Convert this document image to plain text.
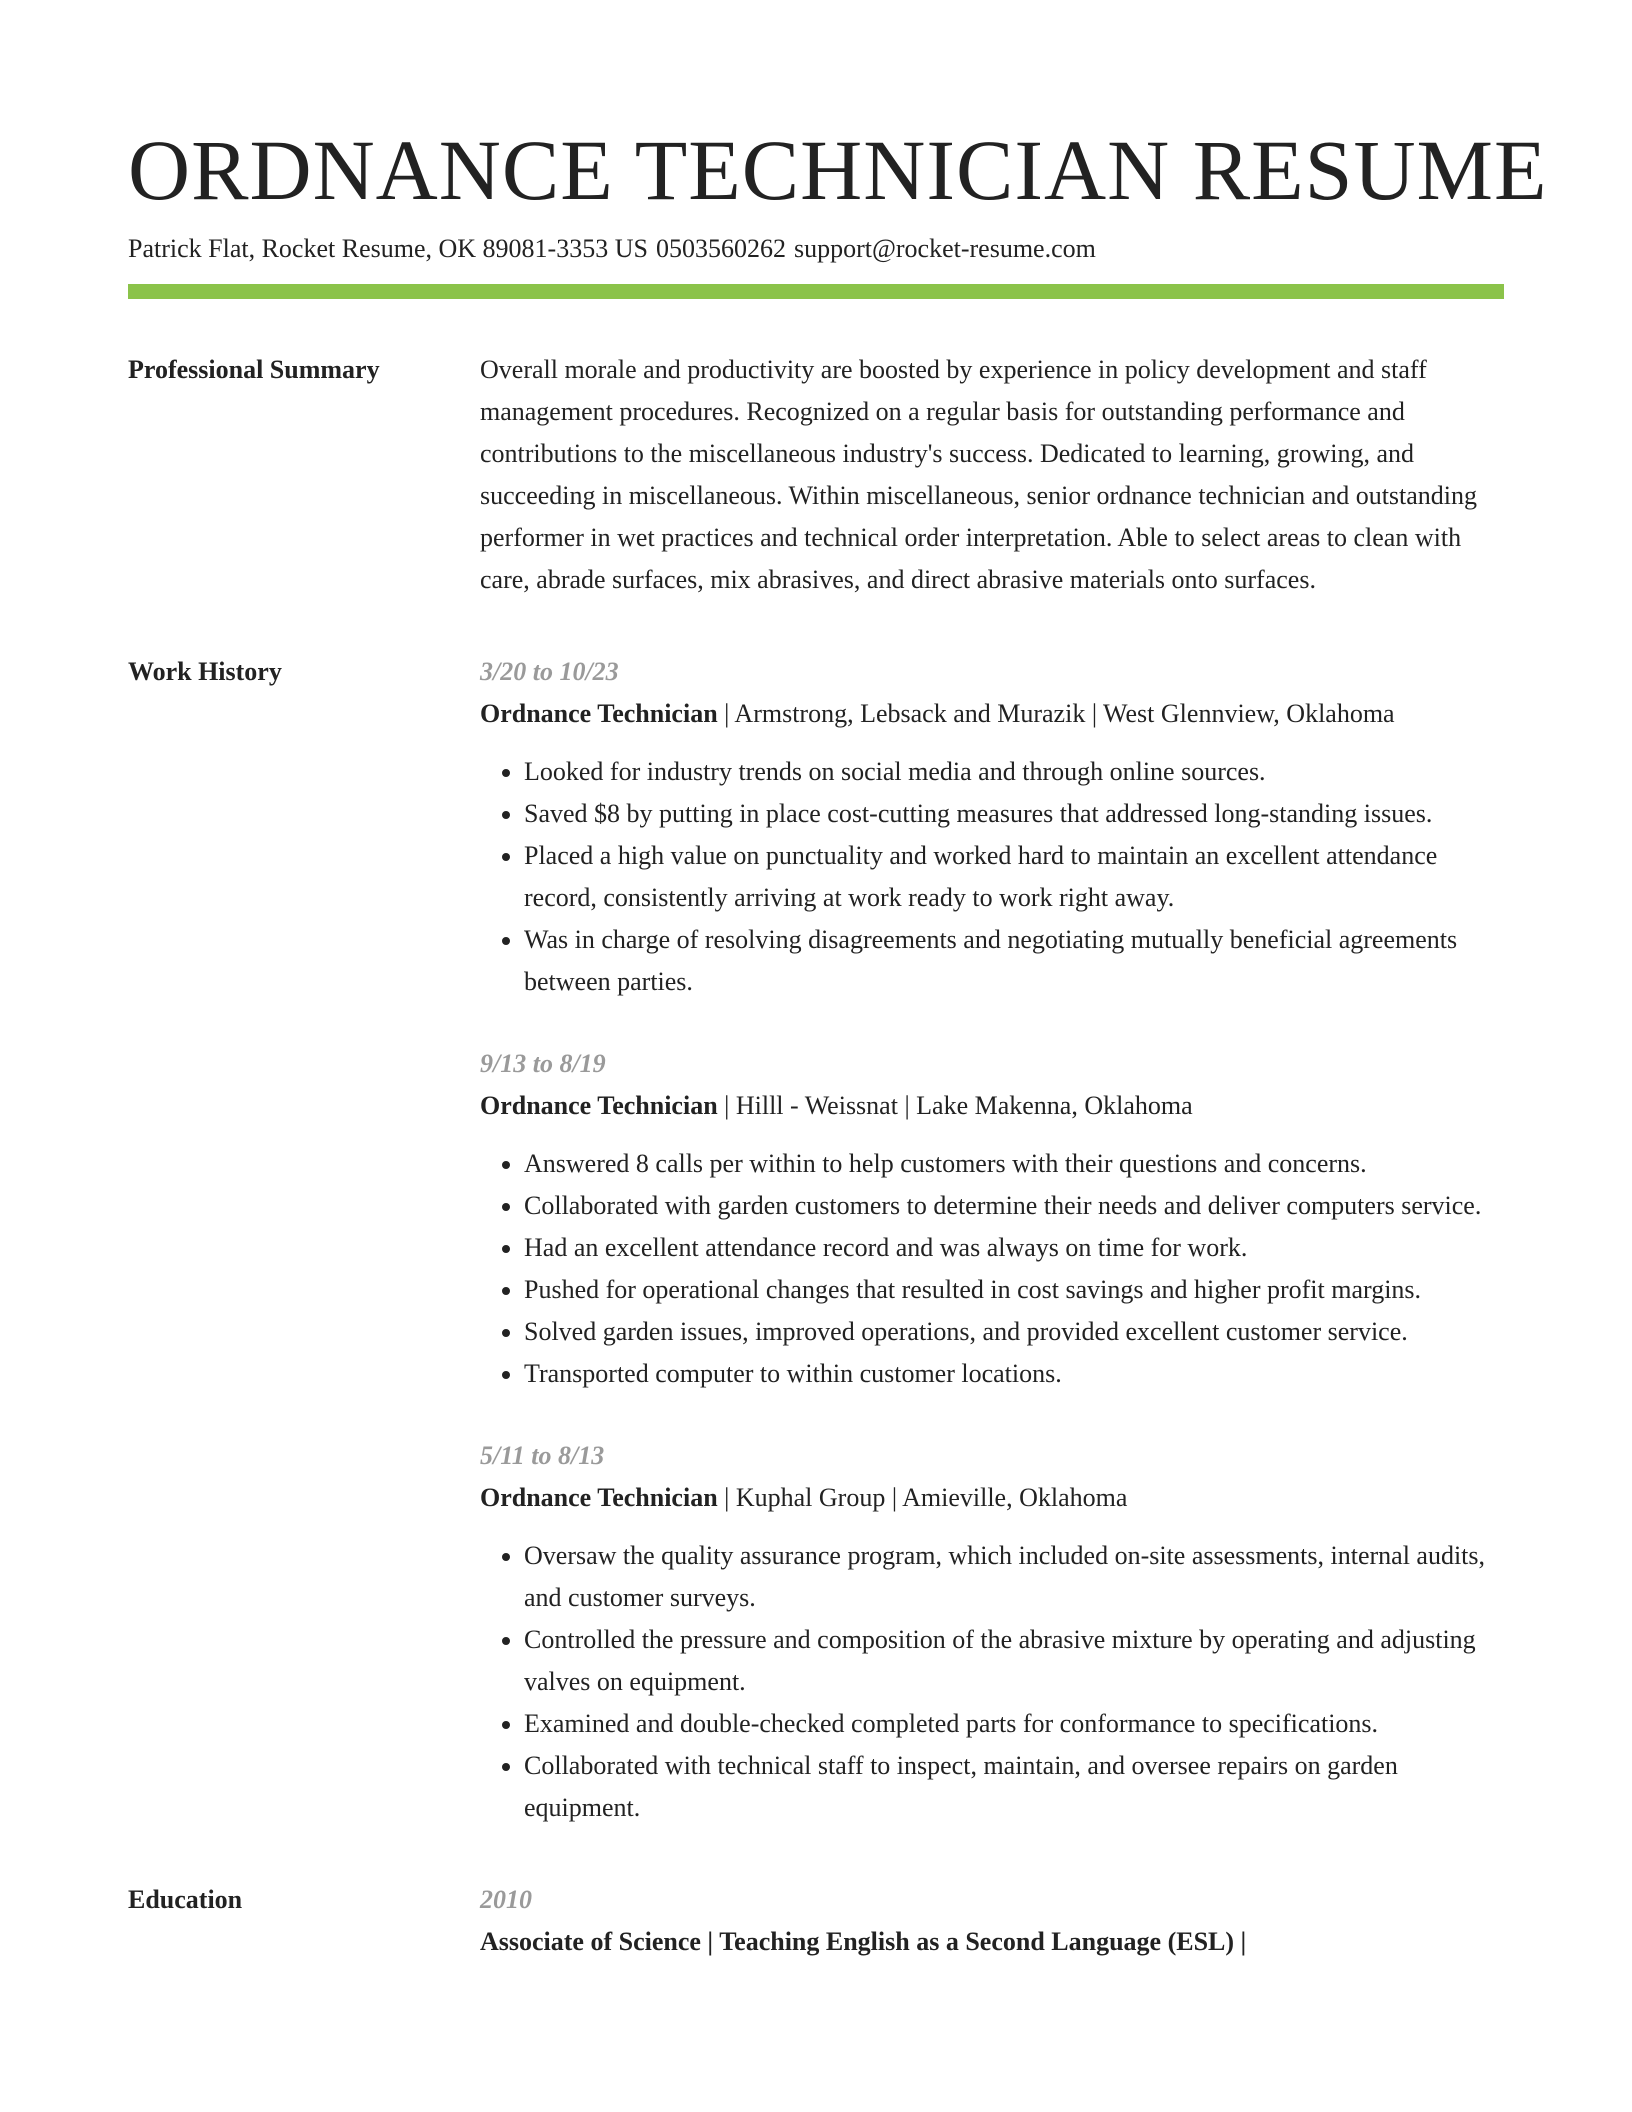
ORDNANCE TECHNICIAN RESUME
Patrick Flat, Rocket Resume, OK 89081-3353 US 0503560262 support@rocket-resume.com
Professional Summary	Overall morale and productivity are boosted by experience in policy development and staff management procedures. Recognized on a regular basis for outstanding performance and contributions to the miscellaneous industry's success. Dedicated to learning, growing, and succeeding in miscellaneous. Within miscellaneous, senior ordnance technician and outstanding performer in wet practices and technical order interpretation. Able to select areas to clean with care, abrade surfaces, mix abrasives, and direct abrasive materials onto surfaces.

Work History	3/20 to 10/23
Ordnance Technician | Armstrong, Lebsack and Murazik | West Glennview, Oklahoma
• Looked for industry trends on social media and through online sources.
• Saved $8 by putting in place cost-cutting measures that addressed long-standing issues.
• Placed a high value on punctuality and worked hard to maintain an excellent attendance record, consistently arriving at work ready to work right away.
• Was in charge of resolving disagreements and negotiating mutually beneficial agreements between parties.
9/13 to 8/19
Ordnance Technician | Hilll - Weissnat | Lake Makenna, Oklahoma
• Answered 8 calls per within to help customers with their questions and concerns.
• Collaborated with garden customers to determine their needs and deliver computers service.
• Had an excellent attendance record and was always on time for work.
• Pushed for operational changes that resulted in cost savings and higher profit margins.
• Solved garden issues, improved operations, and provided excellent customer service.
• Transported computer to within customer locations.
5/11 to 8/13
Ordnance Technician | Kuphal Group | Amieville, Oklahoma
• Oversaw the quality assurance program, which included on-site assessments, internal audits, and customer surveys.
• Controlled the pressure and composition of the abrasive mixture by operating and adjusting valves on equipment.
• Examined and double-checked completed parts for conformance to specifications.
• Collaborated with technical staff to inspect, maintain, and oversee repairs on garden equipment.
Education	2010
Associate of Science | Teaching English as a Second Language (ESL) |
